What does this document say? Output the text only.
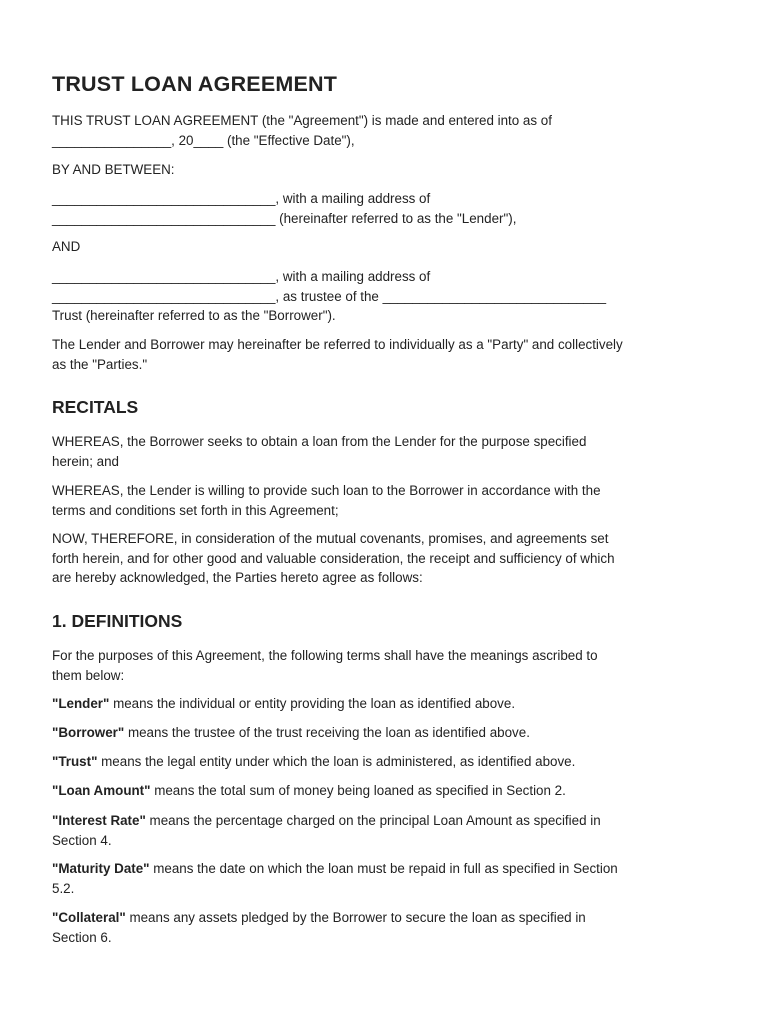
TRUST LOAN AGREEMENT
THIS TRUST LOAN AGREEMENT (the "Agreement") is made and entered into as of
________________, 20____ (the "Effective Date"),
BY AND BETWEEN:
______________________________, with a mailing address of
______________________________ (hereinafter referred to as the "Lender"),
AND
______________________________, with a mailing address of
______________________________, as trustee of the ______________________________
Trust (hereinafter referred to as the "Borrower").
The Lender and Borrower may hereinafter be referred to individually as a "Party" and collectively
as the "Parties."
RECITALS
WHEREAS, the Borrower seeks to obtain a loan from the Lender for the purpose specified
herein; and
WHEREAS, the Lender is willing to provide such loan to the Borrower in accordance with the
terms and conditions set forth in this Agreement;
NOW, THEREFORE, in consideration of the mutual covenants, promises, and agreements set
forth herein, and for other good and valuable consideration, the receipt and sufficiency of which
are hereby acknowledged, the Parties hereto agree as follows:
1. DEFINITIONS
For the purposes of this Agreement, the following terms shall have the meanings ascribed to
them below:
"Lender" means the individual or entity providing the loan as identified above.
"Borrower" means the trustee of the trust receiving the loan as identified above.
"Trust" means the legal entity under which the loan is administered, as identified above.
"Loan Amount" means the total sum of money being loaned as specified in Section 2.
"Interest Rate" means the percentage charged on the principal Loan Amount as specified in
Section 4.
"Maturity Date" means the date on which the loan must be repaid in full as specified in Section
5.2.
"Collateral" means any assets pledged by the Borrower to secure the loan as specified in
Section 6.
